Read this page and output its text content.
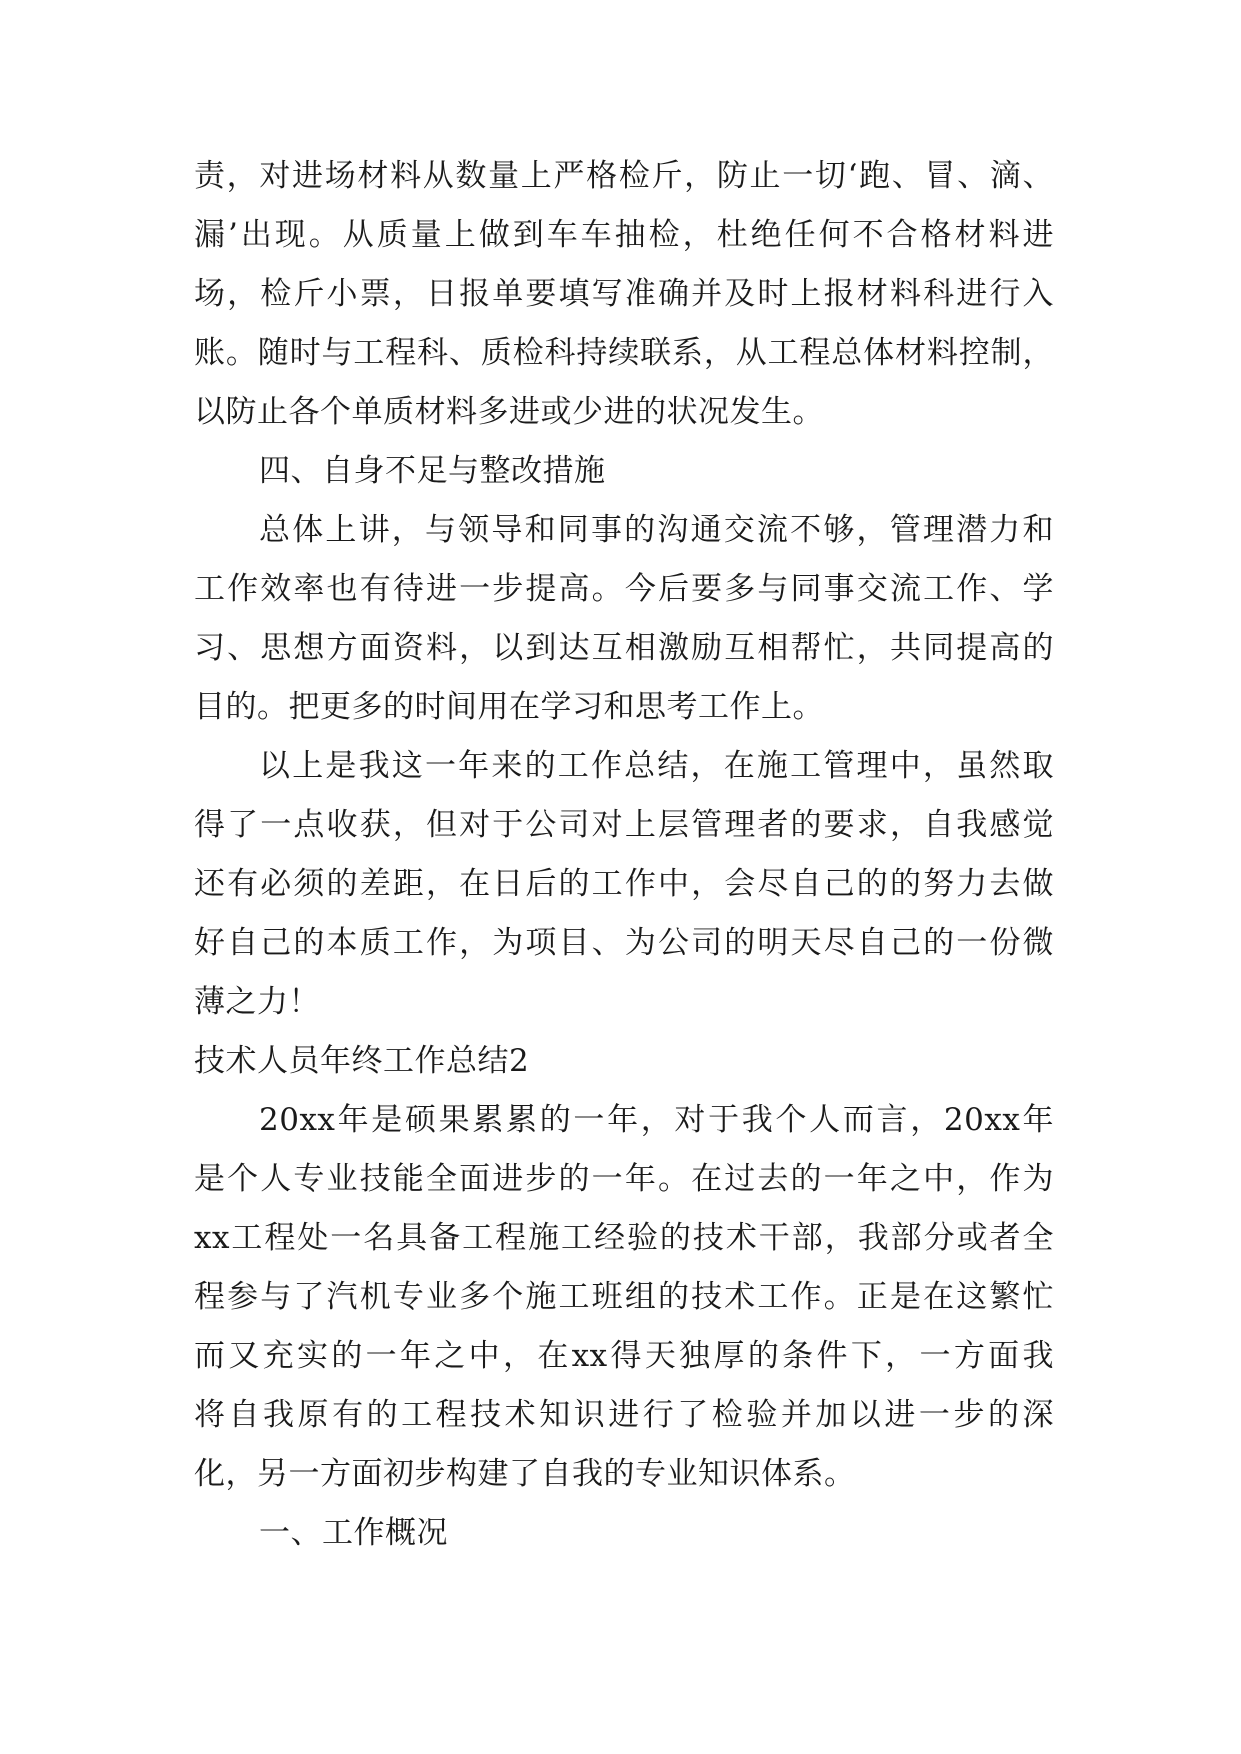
责，对进场材料从数量上严格检斤，防止一切‘跑、冒、滴、
漏’出现。从质量上做到车车抽检，杜绝任何不合格材料进
场，检斤小票，日报单要填写准确并及时上报材料科进行入
账。随时与工程科、质检科持续联系，从工程总体材料控制，
以防止各个单质材料多进或少进的状况发生。
四、自身不足与整改措施
总体上讲，与领导和同事的沟通交流不够，管理潜力和
工作效率也有待进一步提高。今后要多与同事交流工作、学
习、思想方面资料，以到达互相激励互相帮忙，共同提高的
目的。把更多的时间用在学习和思考工作上。
以上是我这一年来的工作总结，在施工管理中，虽然取
得了一点收获，但对于公司对上层管理者的要求，自我感觉
还有必须的差距，在日后的工作中，会尽自己的的努力去做
好自己的本质工作，为项目、为公司的明天尽自己的一份微
薄之力！
技术人员年终工作总结2
20xx年是硕果累累的一年，对于我个人而言，20xx年
是个人专业技能全面进步的一年。在过去的一年之中，作为
xx工程处一名具备工程施工经验的技术干部，我部分或者全
程参与了汽机专业多个施工班组的技术工作。正是在这繁忙
而又充实的一年之中，在xx得天独厚的条件下，一方面我
将自我原有的工程技术知识进行了检验并加以进一步的深
化，另一方面初步构建了自我的专业知识体系。
一、工作概况
